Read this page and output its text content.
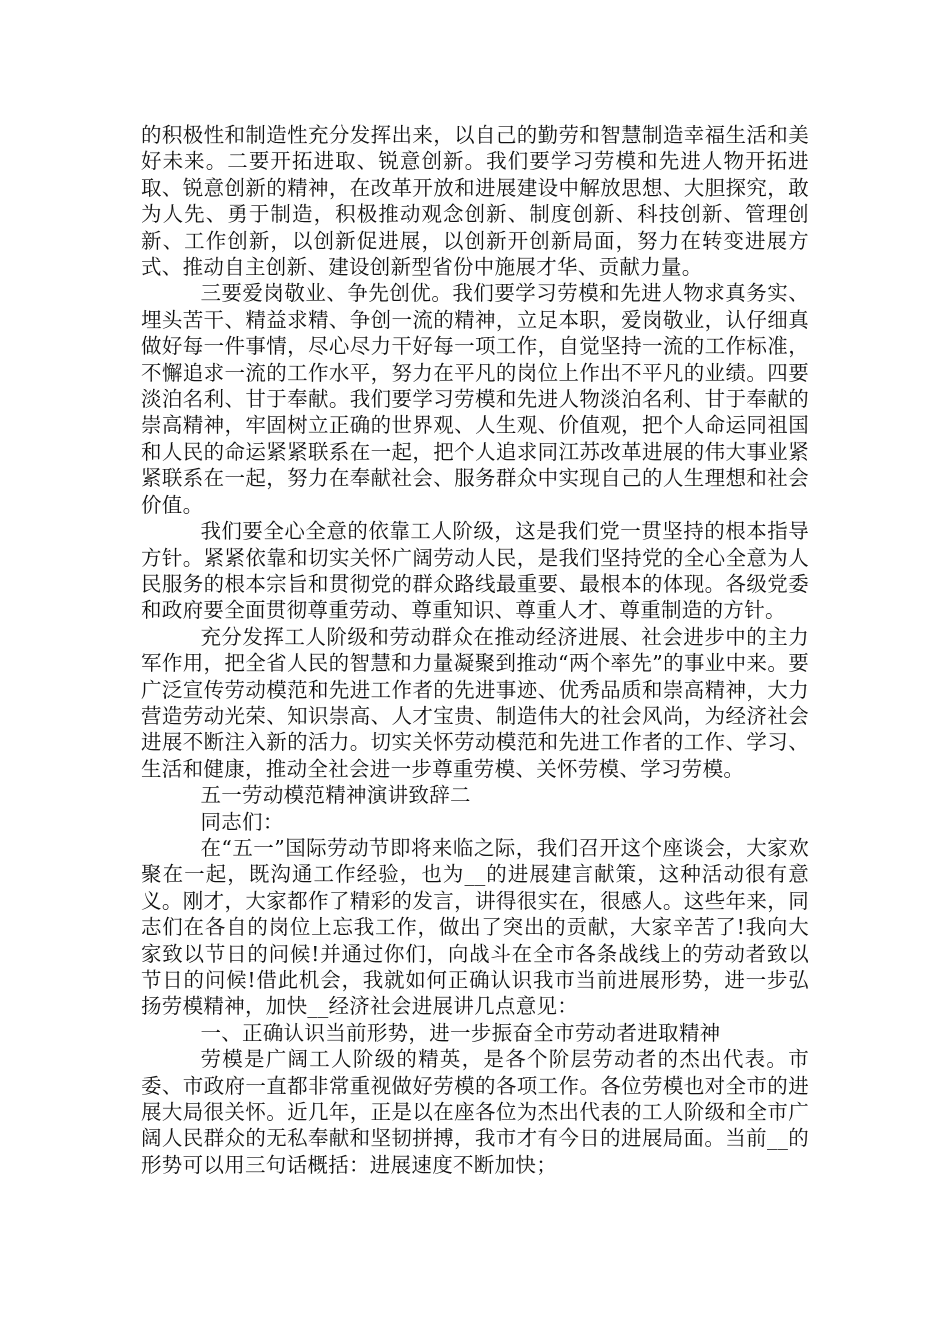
的积极性和制造性充分发挥出来，以自己的勤劳和智慧制造幸福生活和美好未来。二要开拓进取、锐意创新。我们要学习劳模和先进人物开拓进取、锐意创新的精神，在改革开放和进展建设中解放思想、大胆探究，敢为人先、勇于制造，积极推动观念创新、制度创新、科技创新、管理创新、工作创新，以创新促进展，以创新开创新局面，努力在转变进展方式、推动自主创新、建设创新型省份中施展才华、贡献力量。

三要爱岗敬业、争先创优。我们要学习劳模和先进人物求真务实、埋头苦干、精益求精、争创一流的精神，立足本职，爱岗敬业，认仔细真做好每一件事情，尽心尽力干好每一项工作，自觉坚持一流的工作标准，不懈追求一流的工作水平，努力在平凡的岗位上作出不平凡的业绩。四要淡泊名利、甘于奉献。我们要学习劳模和先进人物淡泊名利、甘于奉献的崇高精神，牢固树立正确的世界观、人生观、价值观，把个人命运同祖国和人民的命运紧紧联系在一起，把个人追求同江苏改革进展的伟大事业紧紧联系在一起，努力在奉献社会、服务群众中实现自己的人生理想和社会价值。

我们要全心全意的依靠工人阶级，这是我们党一贯坚持的根本指导方针。紧紧依靠和切实关怀广阔劳动人民，是我们坚持党的全心全意为人民服务的根本宗旨和贯彻党的群众路线最重要、最根本的体现。各级党委和政府要全面贯彻尊重劳动、尊重知识、尊重人才、尊重制造的方针。

充分发挥工人阶级和劳动群众在推动经济进展、社会进步中的主力军作用，把全省人民的智慧和力量凝聚到推动“两个率先”的事业中来。要广泛宣传劳动模范和先进工作者的先进事迹、优秀品质和崇高精神，大力营造劳动光荣、知识崇高、人才宝贵、制造伟大的社会风尚，为经济社会进展不断注入新的活力。切实关怀劳动模范和先进工作者的工作、学习、生活和健康，推动全社会进一步尊重劳模、关怀劳模、学习劳模。

五一劳动模范精神演讲致辞二

同志们：

在“五一”国际劳动节即将来临之际，我们召开这个座谈会，大家欢聚在一起，既沟通工作经验，也为__的进展建言献策，这种活动很有意义。刚才，大家都作了精彩的发言，讲得很实在，很感人。这些年来，同志们在各自的岗位上忘我工作，做出了突出的贡献，大家辛苦了!我向大家致以节日的问候!并通过你们，向战斗在全市各条战线上的劳动者致以节日的问候!借此机会，我就如何正确认识我市当前进展形势，进一步弘扬劳模精神，加快__经济社会进展讲几点意见：

一、正确认识当前形势，进一步振奋全市劳动者进取精神

劳模是广阔工人阶级的精英，是各个阶层劳动者的杰出代表。市委、市政府一直都非常重视做好劳模的各项工作。各位劳模也对全市的进展大局很关怀。近几年，正是以在座各位为杰出代表的工人阶级和全市广阔人民群众的无私奉献和坚韧拼搏，我市才有今日的进展局面。当前__的形势可以用三句话概括：进展速度不断加快；
